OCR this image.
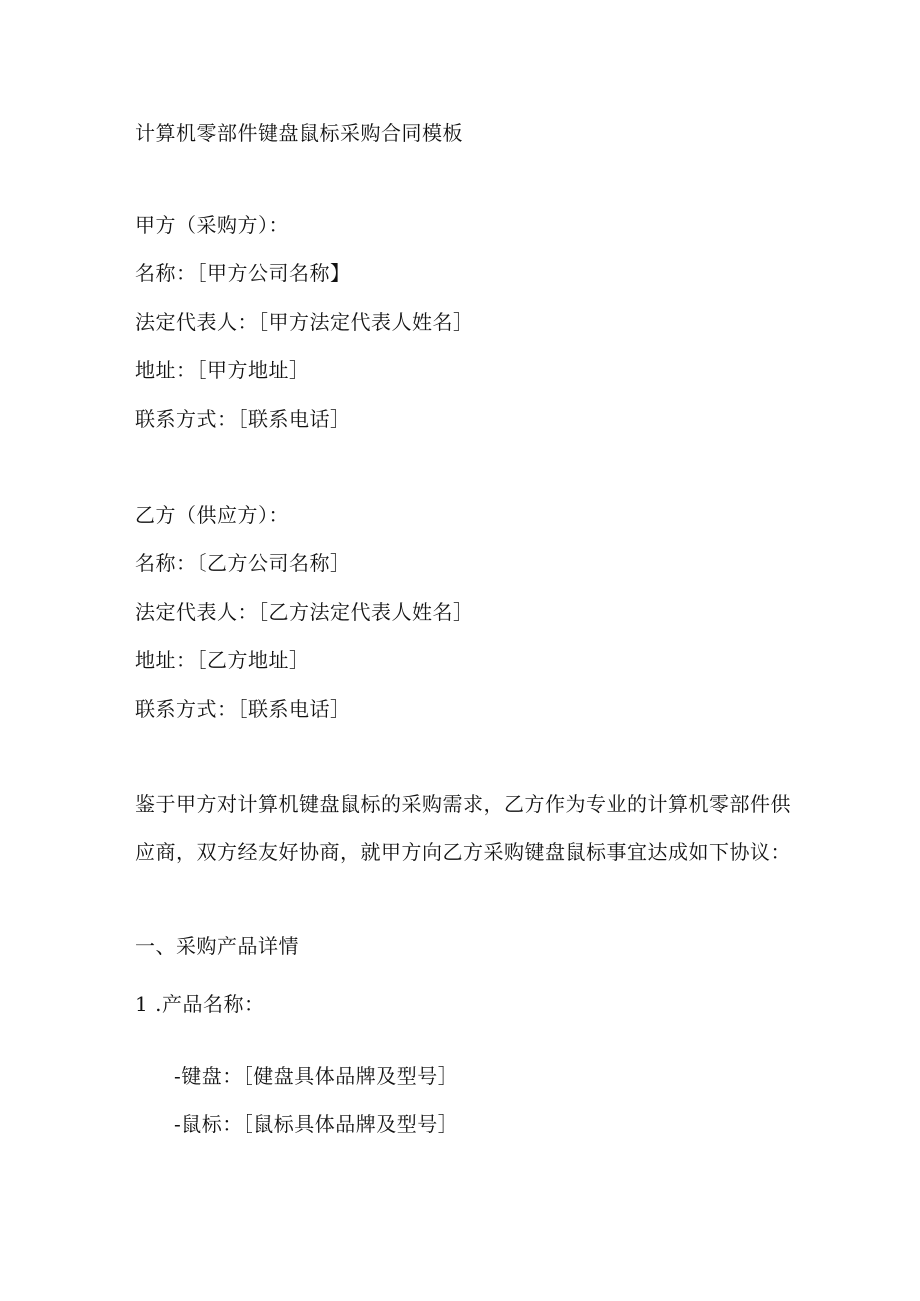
计算机零部件键盘鼠标采购合同模板
甲方（采购方）：
名称：［甲方公司名称】
法定代表人：［甲方法定代表人姓名］
地址：［甲方地址］
联系方式：［联系电话］
乙方（供应方）：
名称：〔乙方公司名称］
法定代表人：［乙方法定代表人姓名］
地址：［乙方地址］
联系方式：［联系电话］
鉴于甲方对计算机键盘鼠标的采购需求，乙方作为专业的计算机零部件供
应商，双方经友好协商，就甲方向乙方采购键盘鼠标事宜达成如下协议：
一、采购产品详情
1 .产品名称：
-键盘：［健盘具体品牌及型号］
-鼠标：［鼠标具体品牌及型号］
